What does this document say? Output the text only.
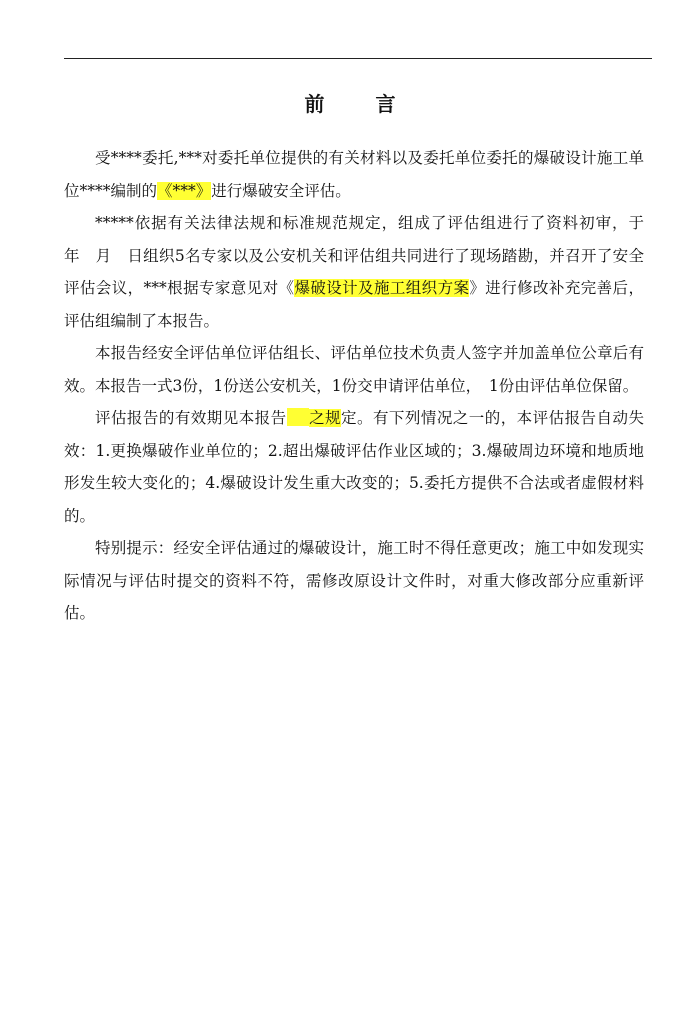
前 言

受****委托,***对委托单位提供的有关材料以及委托单位委托的爆破设计施工单位****编制的《***》进行爆破安全评估。

*****依据有关法律法规和标准规范规定，组成了评估组进行了资料初审，于　年　月　日组织5名专家以及公安机关和评估组共同进行了现场踏勘，并召开了安全评估会议，***根据专家意见对《爆破设计及施工组织方案》进行修改补充完善后，评估组编制了本报告。

本报告经安全评估单位评估组长、评估单位技术负责人签字并加盖单位公章后有效。本报告一式3份，1份送公安机关，1份交申请评估单位，　1份由评估单位保留。

评估报告的有效期见本报告 之规定。有下列情况之一的，本评估报告自动失效：1.更换爆破作业单位的；2.超出爆破评估作业区域的；3.爆破周边环境和地质地形发生较大变化的；4.爆破设计发生重大改变的；5.委托方提供不合法或者虚假材料的。

特别提示：经安全评估通过的爆破设计，施工时不得任意更改；施工中如发现实际情况与评估时提交的资料不符，需修改原设计文件时，对重大修改部分应重新评估。
